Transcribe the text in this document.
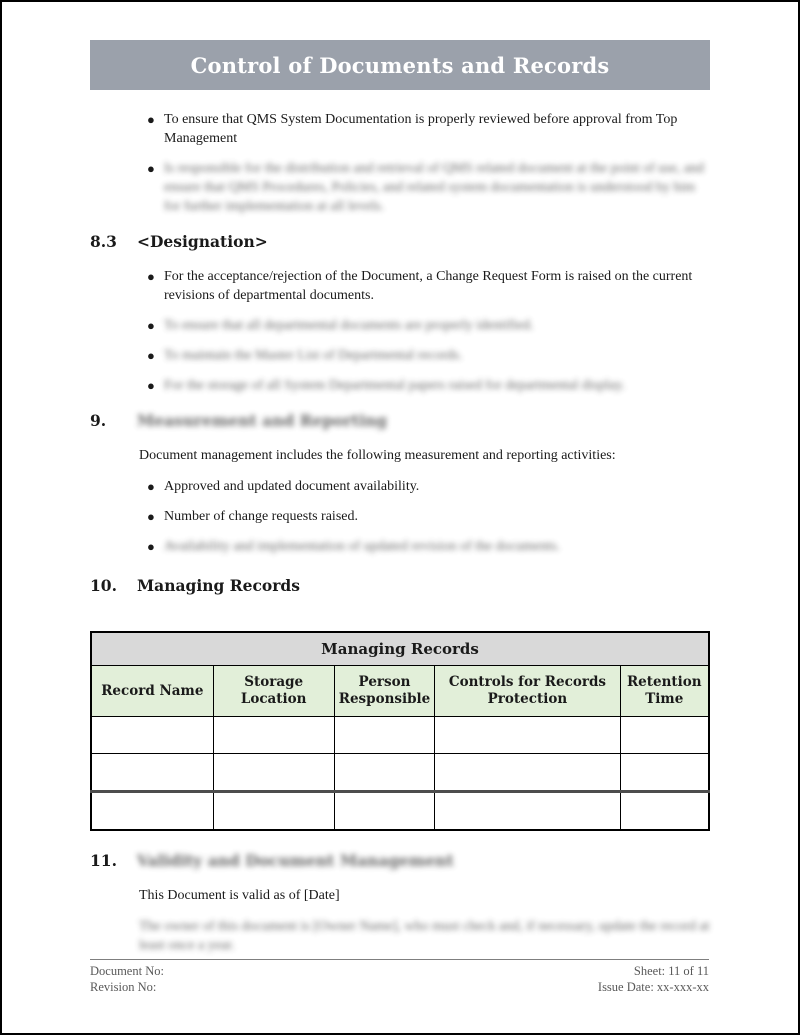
Control of Documents and Records
● To ensure that QMS System Documentation is properly reviewed before approval from Top Management
● Is responsible for the distribution and retrieval of QMS related document at the point of use, and ensure that QMS Procedures, Policies, and related system documentation is understood by him for further implementation at all levels.
8.3	<Designation>
● For the acceptance/rejection of the Document, a Change Request Form is raised on the current revisions of departmental documents.
● To ensure that all departmental documents are properly identified.
● To maintain the Master List of Departmental records.
● For the storage of all System Departmental papers raised for departmental display.
9.	Measurement and Reporting
Document management includes the following measurement and reporting activities:
● Approved and updated document availability.
● Number of change requests raised.
● Availability and implementation of updated revision of the documents.
10.	Managing Records
Managing Records				
Record Name	Storage Location	Person Responsible	Controls for Records Protection	Retention Time

11.	Validity and Document Management
This Document is valid as of [Date]
The owner of this document is [Owner Name], who must check and, if necessary, update the record at least once a year.
Document No:
Revision No:
Sheet: 11 of 11
Issue Date: xx-xxx-xx
